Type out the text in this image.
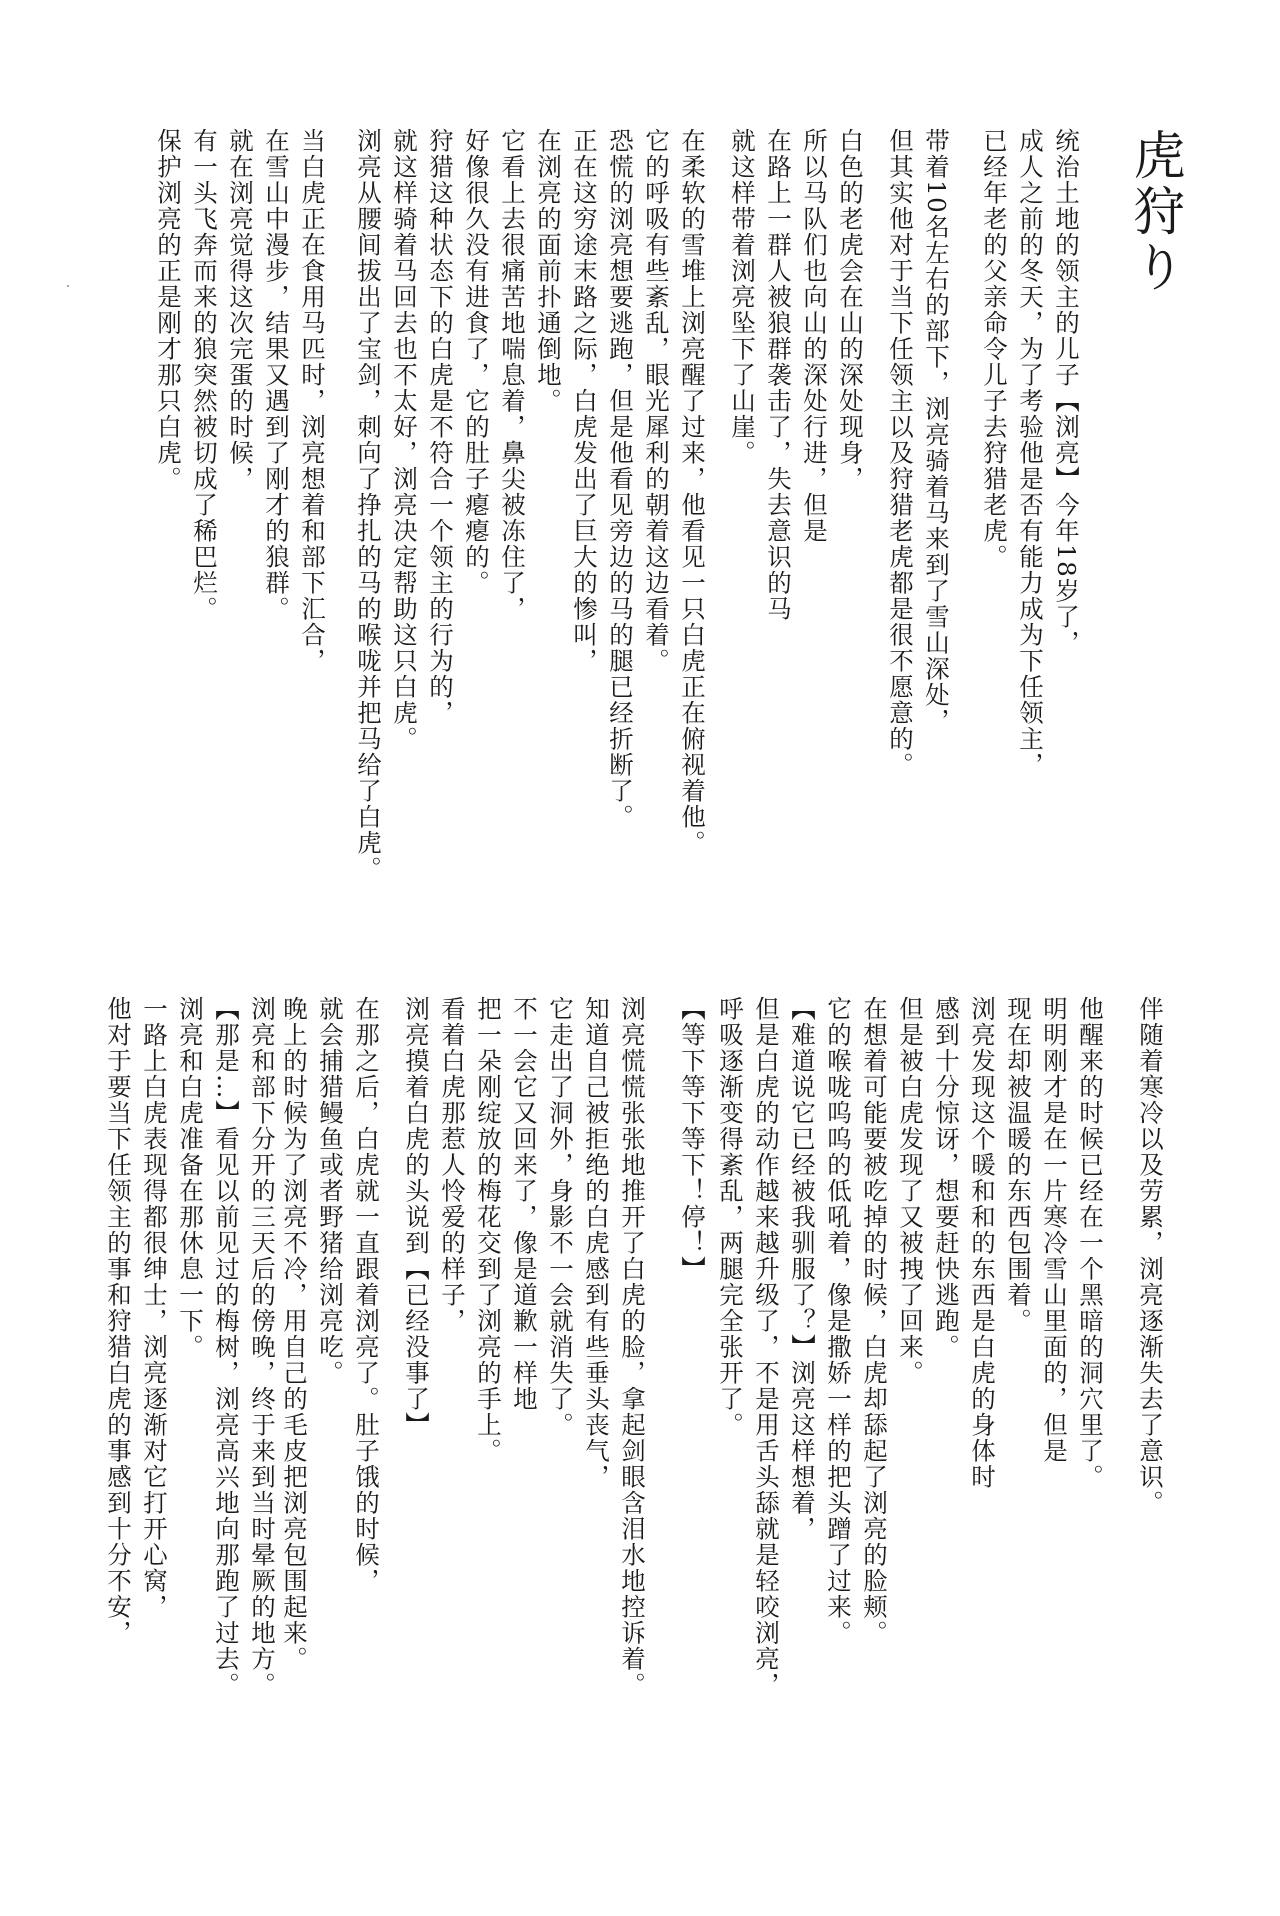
虎狩り
统治土地的领主的儿子【浏亮】今年18岁了，
成人之前的冬天，为了考验他是否有能力成为下任领主，
已经年老的父亲命令儿子去狩猎老虎。
带着10名左右的部下，浏亮骑着马来到了雪山深处，
但其实他对于当下任领主以及狩猎老虎都是很不愿意的。
白色的老虎会在山的深处现身，
所以马队们也向山的深处行进，但是
在路上一群人被狼群袭击了，失去意识的马
就这样带着浏亮坠下了山崖。
在柔软的雪堆上浏亮醒了过来，他看见一只白虎正在俯视着他。
它的呼吸有些紊乱，眼光犀利的朝着这边看着。
恐慌的浏亮想要逃跑，但是他看见旁边的马的腿已经折断了。
正在这穷途末路之际，白虎发出了巨大的惨叫，
在浏亮的面前扑通倒地。
它看上去很痛苦地喘息着，鼻尖被冻住了，
好像很久没有进食了，它的肚子瘪瘪的。
狩猎这种状态下的白虎是不符合一个领主的行为的，
就这样骑着马回去也不太好，浏亮决定帮助这只白虎。
浏亮从腰间拔出了宝剑，刺向了挣扎的马的喉咙并把马给了白虎。
当白虎正在食用马匹时，浏亮想着和部下汇合，
在雪山中漫步，结果又遇到了刚才的狼群。
就在浏亮觉得这次完蛋的时候，
有一头飞奔而来的狼突然被切成了稀巴烂。
保护浏亮的正是刚才那只白虎。
伴随着寒冷以及劳累，浏亮逐渐失去了意识。
他醒来的时候已经在一个黑暗的洞穴里了。
明明刚才是在一片寒冷雪山里面的，但是
现在却被温暖的东西包围着。
浏亮发现这个暖和和的东西是白虎的身体时
感到十分惊讶，想要赶快逃跑。
但是被白虎发现了又被拽了回来。
在想着可能要被吃掉的时候，白虎却舔起了浏亮的脸颊。
它的喉咙呜呜的低吼着，像是撒娇一样的把头蹭了过来。
【难道说它已经被我驯服了？】浏亮这样想着，
但是白虎的动作越来越升级了，不是用舌头舔就是轻咬浏亮，
呼吸逐渐变得紊乱，两腿完全张开了。
【等下等下等下！停！】
浏亮慌慌张张地推开了白虎的脸，拿起剑眼含泪水地控诉着。
知道自己被拒绝的白虎感到有些垂头丧气，
它走出了洞外，身影不一会就消失了。
不一会它又回来了，像是道歉一样地
把一朵刚绽放的梅花交到了浏亮的手上。
看着白虎那惹人怜爱的样子，
浏亮摸着白虎的头说到【已经没事了】
在那之后，白虎就一直跟着浏亮了。肚子饿的时候，
就会捕猎鳗鱼或者野猪给浏亮吃。
晚上的时候为了浏亮不冷，用自己的毛皮把浏亮包围起来。
浏亮和部下分开的三天后的傍晚，终于来到当时晕厥的地方。
【那是…】看见以前见过的梅树，浏亮高兴地向那跑了过去。
浏亮和白虎准备在那休息一下。
一路上白虎表现得都很绅士，浏亮逐渐对它打开心窝，
他对于要当下任领主的事和狩猎白虎的事感到十分不安，
